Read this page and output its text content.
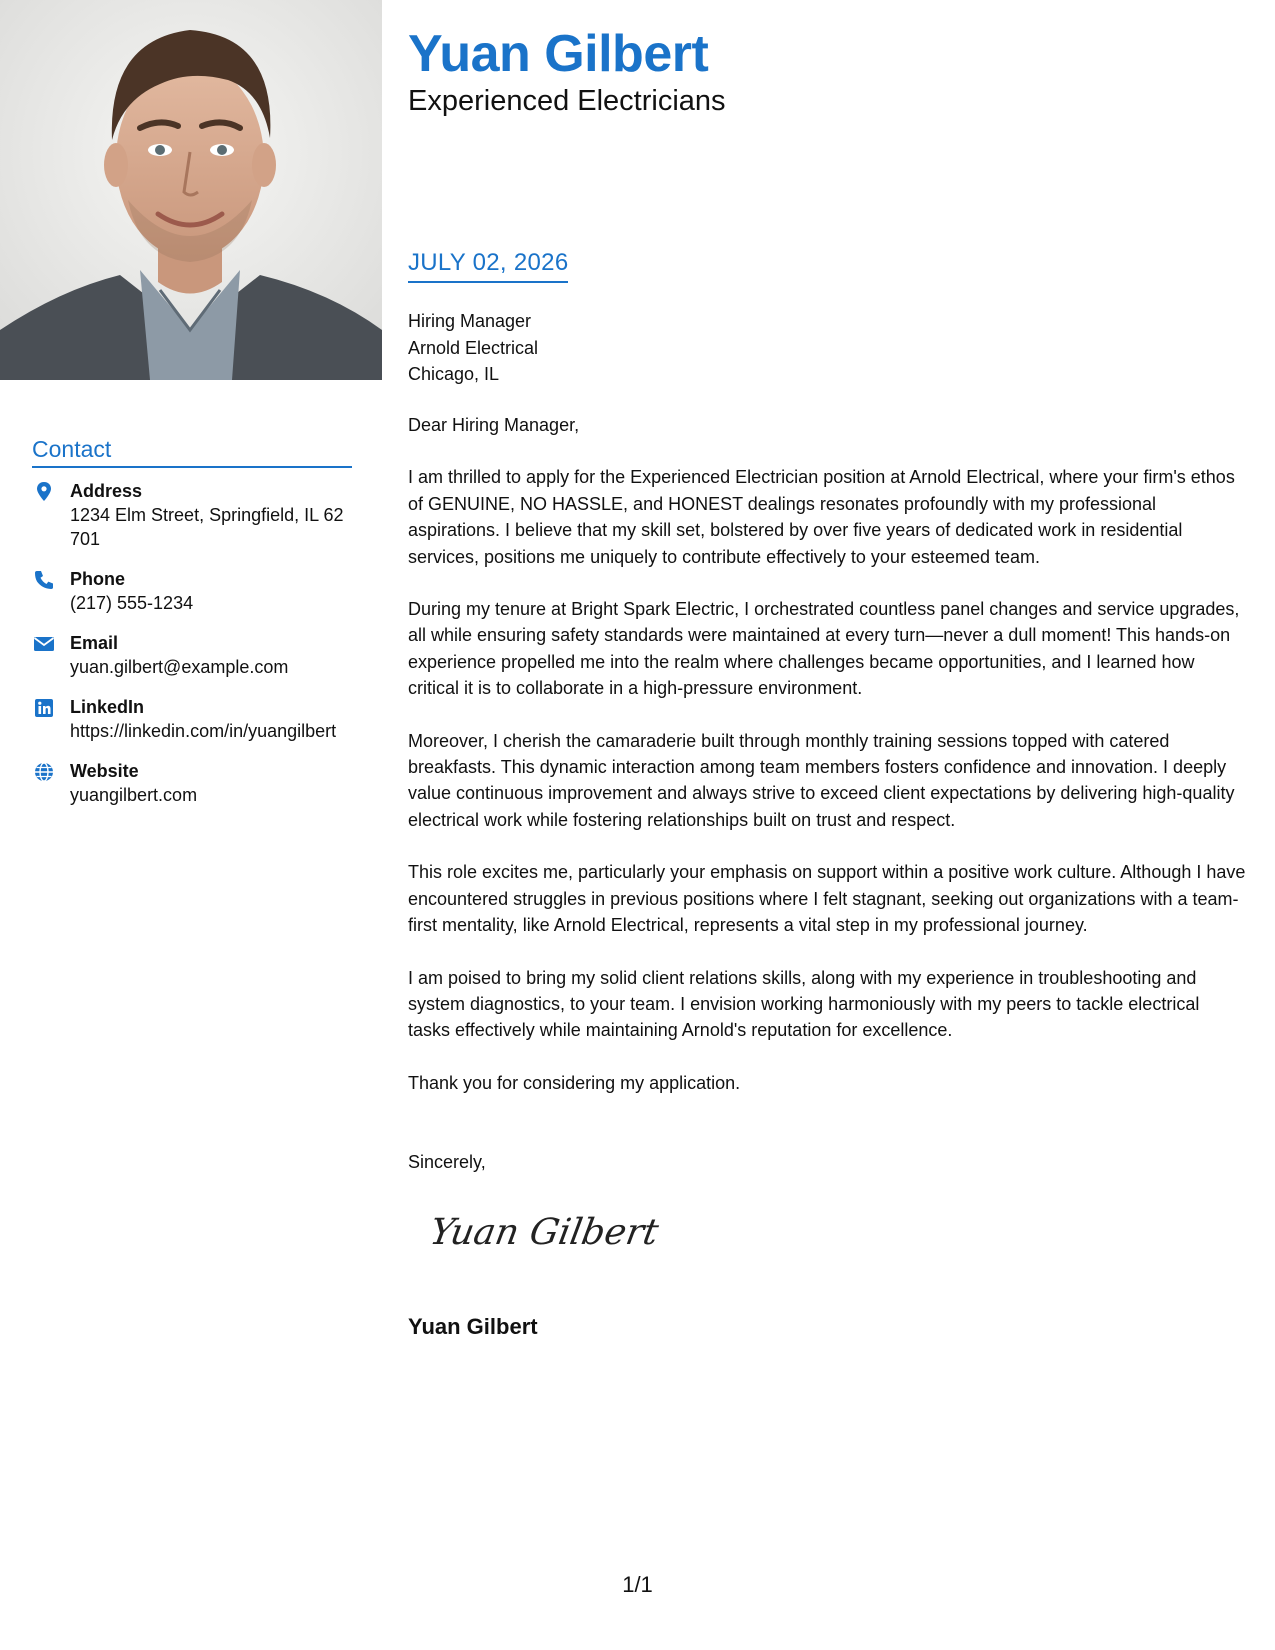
Contact
Address
1234 Elm Street, Springfield, IL 62701
Phone
(217) 555-1234
Email
yuan.gilbert@example.com
LinkedIn
https://linkedin.com/in/yuangilbert
Website
yuangilbert.com
Yuan Gilbert
Experienced Electricians
JULY 02, 2026
Hiring Manager
Arnold Electrical
Chicago, IL

Dear Hiring Manager,

I am thrilled to apply for the Experienced Electrician position at Arnold Electrical, where your firm's ethos of GENUINE, NO HASSLE, and HONEST dealings resonates profoundly with my professional aspirations. I believe that my skill set, bolstered by over five years of dedicated work in residential services, positions me uniquely to contribute effectively to your esteemed team.

During my tenure at Bright Spark Electric, I orchestrated countless panel changes and service upgrades, all while ensuring safety standards were maintained at every turn—never a dull moment! This hands-on experience propelled me into the realm where challenges became opportunities, and I learned how critical it is to collaborate in a high-pressure environment.

Moreover, I cherish the camaraderie built through monthly training sessions topped with catered breakfasts. This dynamic interaction among team members fosters confidence and innovation. I deeply value continuous improvement and always strive to exceed client expectations by delivering high-quality electrical work while fostering relationships built on trust and respect.

This role excites me, particularly your emphasis on support within a positive work culture. Although I have encountered struggles in previous positions where I felt stagnant, seeking out organizations with a team-first mentality, like Arnold Electrical, represents a vital step in my professional journey.

I am poised to bring my solid client relations skills, along with my experience in troubleshooting and system diagnostics, to your team. I envision working harmoniously with my peers to tackle electrical tasks effectively while maintaining Arnold's reputation for excellence.

Thank you for considering my application.

Sincerely,
Yuan Gilbert
Yuan Gilbert
1/1
